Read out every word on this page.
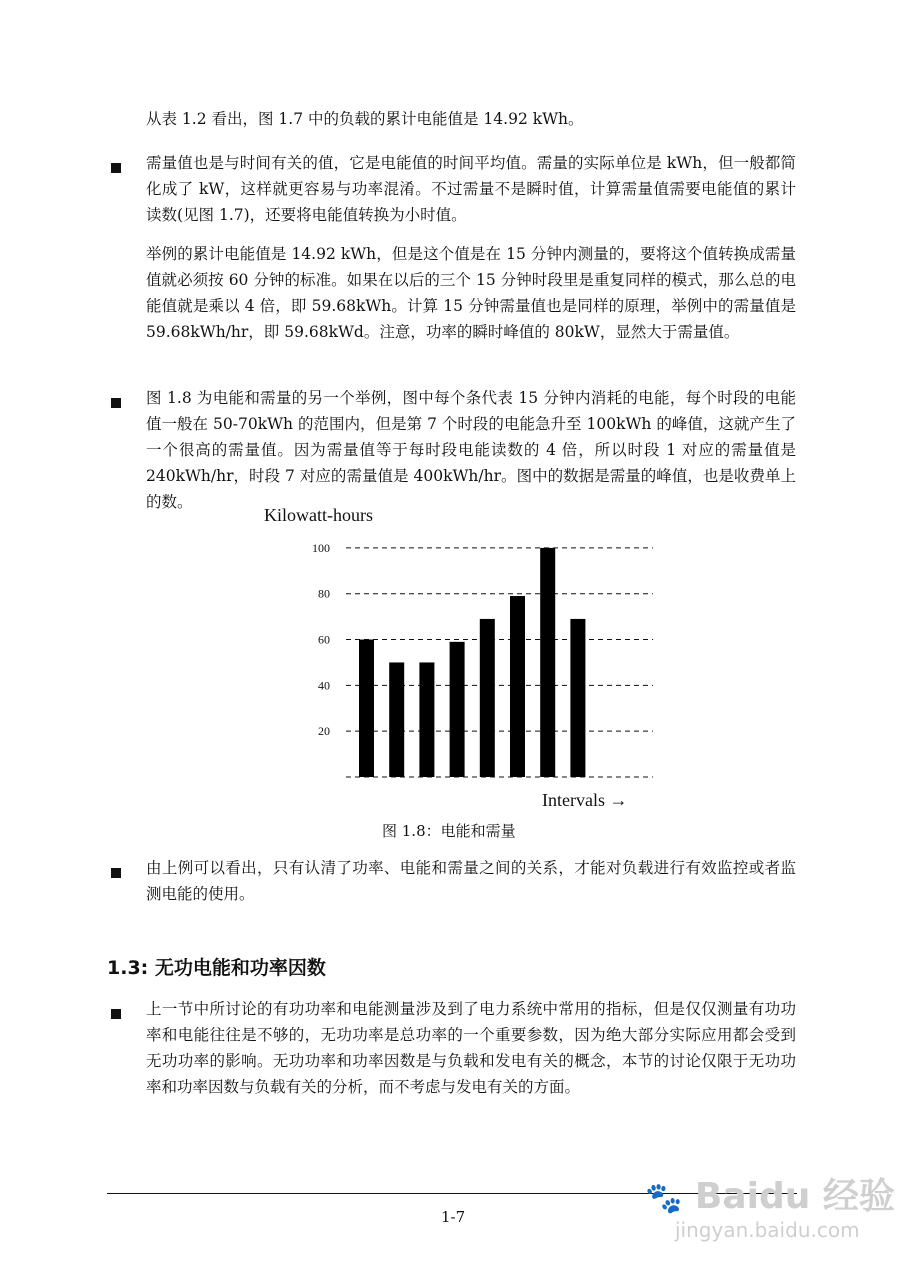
从表 1.2 看出，图 1.7 中的负载的累计电能值是 14.92 kWh。
需量值也是与时间有关的值，它是电能值的时间平均值。需量的实际单位是 kWh，但一般都简化成了 kW，这样就更容易与功率混淆。不过需量不是瞬时值，计算需量值需要电能值的累计读数(见图 1.7)，还要将电能值转换为小时值。
举例的累计电能值是 14.92 kWh，但是这个值是在 15 分钟内测量的，要将这个值转换成需量值就必须按 60 分钟的标准。如果在以后的三个 15 分钟时段里是重复同样的模式，那么总的电能值就是乘以 4 倍，即 59.68kWh。计算 15 分钟需量值也是同样的原理，举例中的需量值是 59.68kWh/hr，即 59.68kWd。注意，功率的瞬时峰值的 80kW，显然大于需量值。
图 1.8 为电能和需量的另一个举例，图中每个条代表 15 分钟内消耗的电能，每个时段的电能值一般在 50-70kWh 的范围内，但是第 7 个时段的电能急升至 100kWh 的峰值，这就产生了一个很高的需量值。因为需量值等于每时段电能读数的 4 倍，所以时段 1 对应的需量值是 240kWh/hr，时段 7 对应的需量值是 400kWh/hr。图中的数据是需量的峰值，也是收费单上的数。
20
40
60
80
100
Kilowatt-hours
Intervals →
图 1.8：电能和需量
由上例可以看出，只有认清了功率、电能和需量之间的关系，才能对负载进行有效监控或者监测电能的使用。
1.3: 无功电能和功率因数
上一节中所讨论的有功功率和电能测量涉及到了电力系统中常用的指标，但是仅仅测量有功功率和电能往往是不够的，无功功率是总功率的一个重要参数，因为绝大部分实际应用都会受到无功功率的影响。无功功率和功率因数是与负载和发电有关的概念，本节的讨论仅限于无功功率和功率因数与负载有关的分析，而不考虑与发电有关的方面。
1-7
🐾 Baidu 经验
jingyan.baidu.com
